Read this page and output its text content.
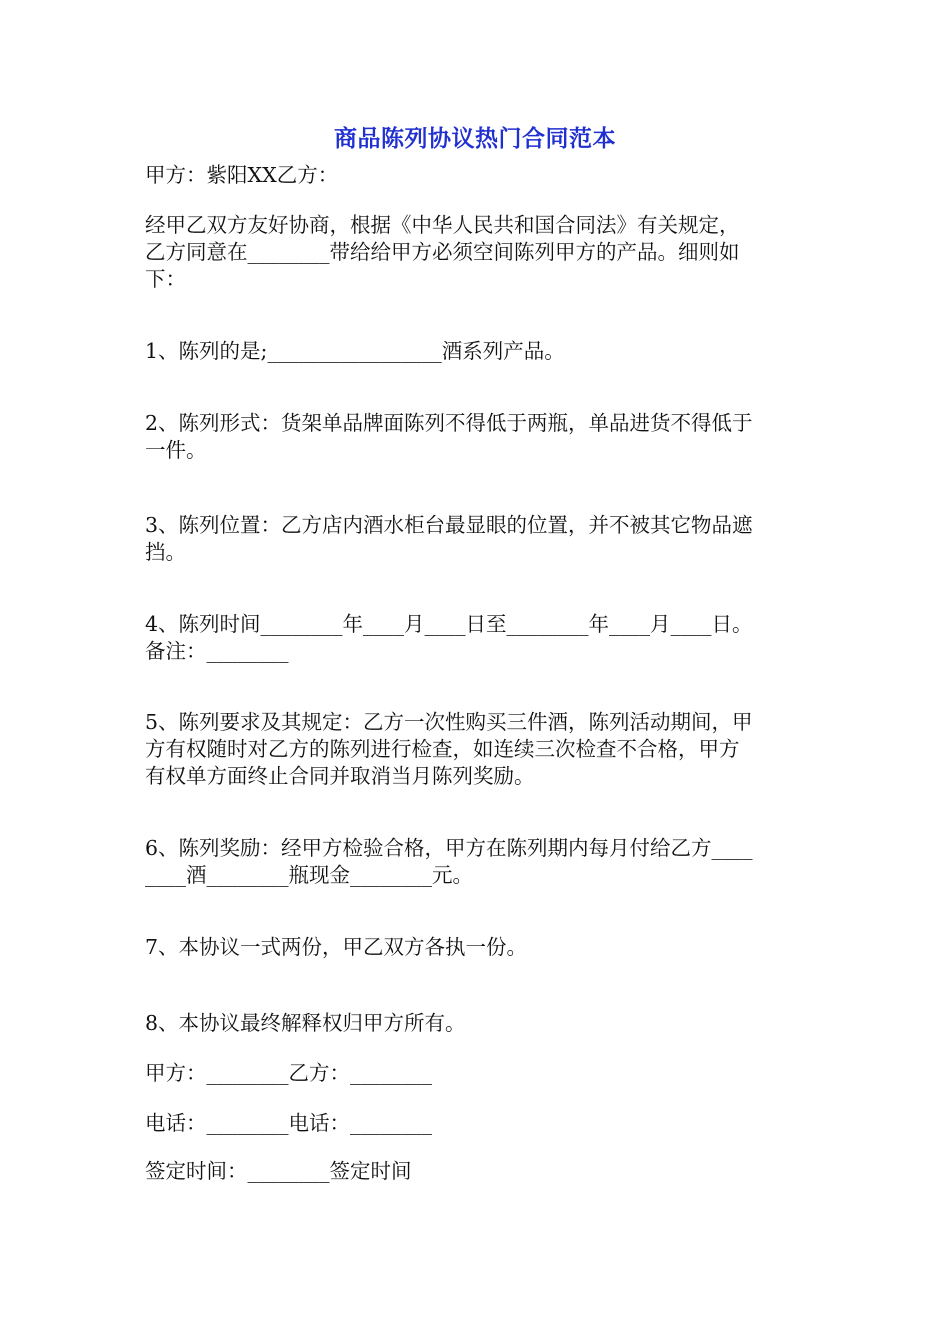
商品陈列协议热门合同范本
甲方：紫阳XX乙方：
经甲乙双方友好协商，根据《中华人民共和国合同法》有关规定，
乙方同意在________带给给甲方必须空间陈列甲方的产品。细则如
下：
1、陈列的是;_________________酒系列产品。
2、陈列形式：货架单品牌面陈列不得低于两瓶，单品进货不得低于
一件。
3、陈列位置：乙方店内酒水柜台最显眼的位置，并不被其它物品遮
挡。
4、陈列时间________年____月____日至________年____月____日。
备注：________
5、陈列要求及其规定：乙方一次性购买三件酒，陈列活动期间，甲
方有权随时对乙方的陈列进行检查，如连续三次检查不合格，甲方
有权单方面终止合同并取消当月陈列奖励。
6、陈列奖励：经甲方检验合格，甲方在陈列期内每月付给乙方____
____酒________瓶现金________元。
7、本协议一式两份，甲乙双方各执一份。
8、本协议最终解释权归甲方所有。
甲方：________乙方：________
电话：________电话：________
签定时间：________签定时间
